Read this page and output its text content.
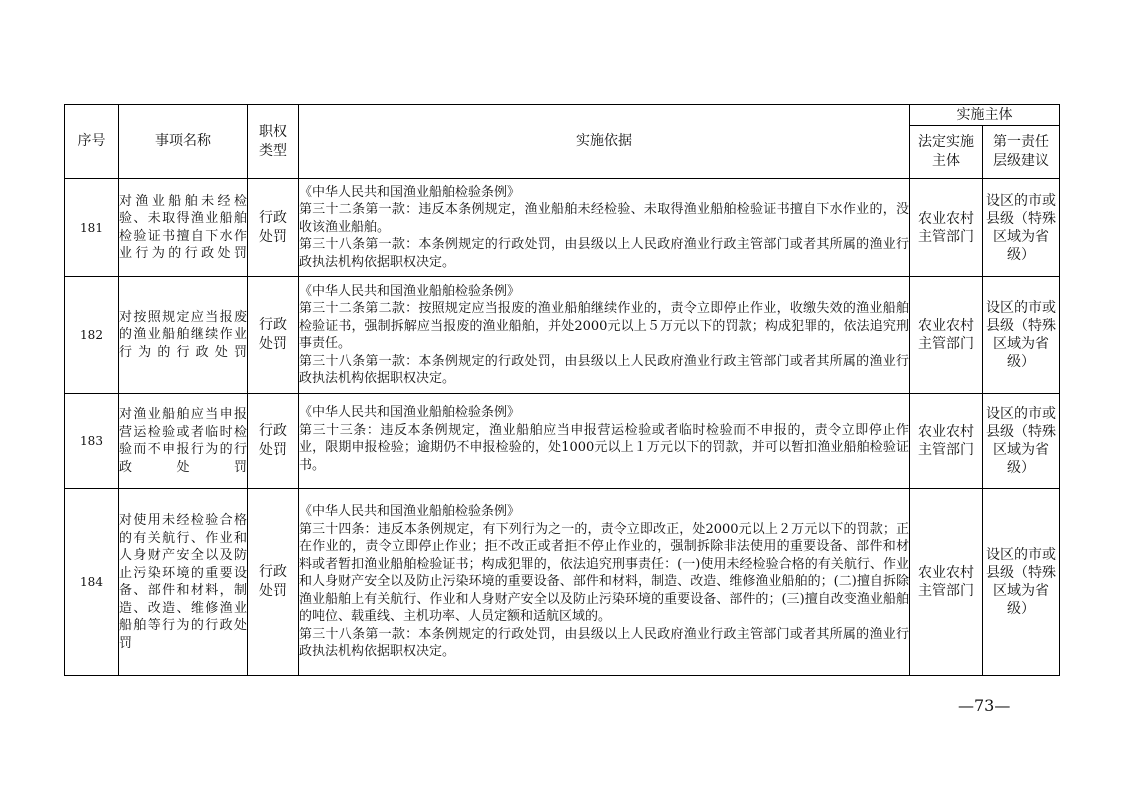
序号	事项名称	职权类型	实施依据	实施主体	
				法定实施主体	第一责任层级建议
181	对渔业船舶未经检验、未取得渔业船舶检验证书擅自下水作业行为的行政处罚	行政处罚	《中华人民共和国渔业船舶检验条例》

第三十二条第一款：违反本条例规定，渔业船舶未经检验、未取得渔业船舶检验证书擅自下水作业的，没收该渔业船舶。

第三十八条第一款：本条例规定的行政处罚，由县级以上人民政府渔业行政主管部门或者其所属的渔业行政执法机构依据职权决定。	农业农村主管部门	设区的市或县级（特殊区域为省级）
182	对按照规定应当报废的渔业船舶继续作业行为的行政处罚	行政处罚	《中华人民共和国渔业船舶检验条例》

第三十二条第二款：按照规定应当报废的渔业船舶继续作业的，责令立即停止作业，收缴失效的渔业船舶检验证书，强制拆解应当报废的渔业船舶，并处2000元以上５万元以下的罚款；构成犯罪的，依法追究刑事责任。

第三十八条第一款：本条例规定的行政处罚，由县级以上人民政府渔业行政主管部门或者其所属的渔业行政执法机构依据职权决定。	农业农村主管部门	设区的市或县级（特殊区域为省级）
183	对渔业船舶应当申报营运检验或者临时检验而不申报行为的行政处罚	行政处罚	《中华人民共和国渔业船舶检验条例》

第三十三条：违反本条例规定，渔业船舶应当申报营运检验或者临时检验而不申报的，责令立即停止作业，限期申报检验；逾期仍不申报检验的，处1000元以上１万元以下的罚款，并可以暂扣渔业船舶检验证书。	农业农村主管部门	设区的市或县级（特殊区域为省级）
184	对使用未经检验合格的有关航行、作业和人身财产安全以及防止污染环境的重要设备、部件和材料，制造、改造、维修渔业船舶等行为的行政处罚	行政处罚	《中华人民共和国渔业船舶检验条例》

第三十四条：违反本条例规定，有下列行为之一的，责令立即改正，处2000元以上２万元以下的罚款；正在作业的，责令立即停止作业；拒不改正或者拒不停止作业的，强制拆除非法使用的重要设备、部件和材料或者暂扣渔业船舶检验证书；构成犯罪的，依法追究刑事责任：(一)使用未经检验合格的有关航行、作业和人身财产安全以及防止污染环境的重要设备、部件和材料，制造、改造、维修渔业船舶的；(二)擅自拆除渔业船舶上有关航行、作业和人身财产安全以及防止污染环境的重要设备、部件的；(三)擅自改变渔业船舶的吨位、载重线、主机功率、人员定额和适航区域的。

第三十八条第一款：本条例规定的行政处罚，由县级以上人民政府渔业行政主管部门或者其所属的渔业行政执法机构依据职权决定。	农业农村主管部门	设区的市或县级（特殊区域为省级）
—73—
